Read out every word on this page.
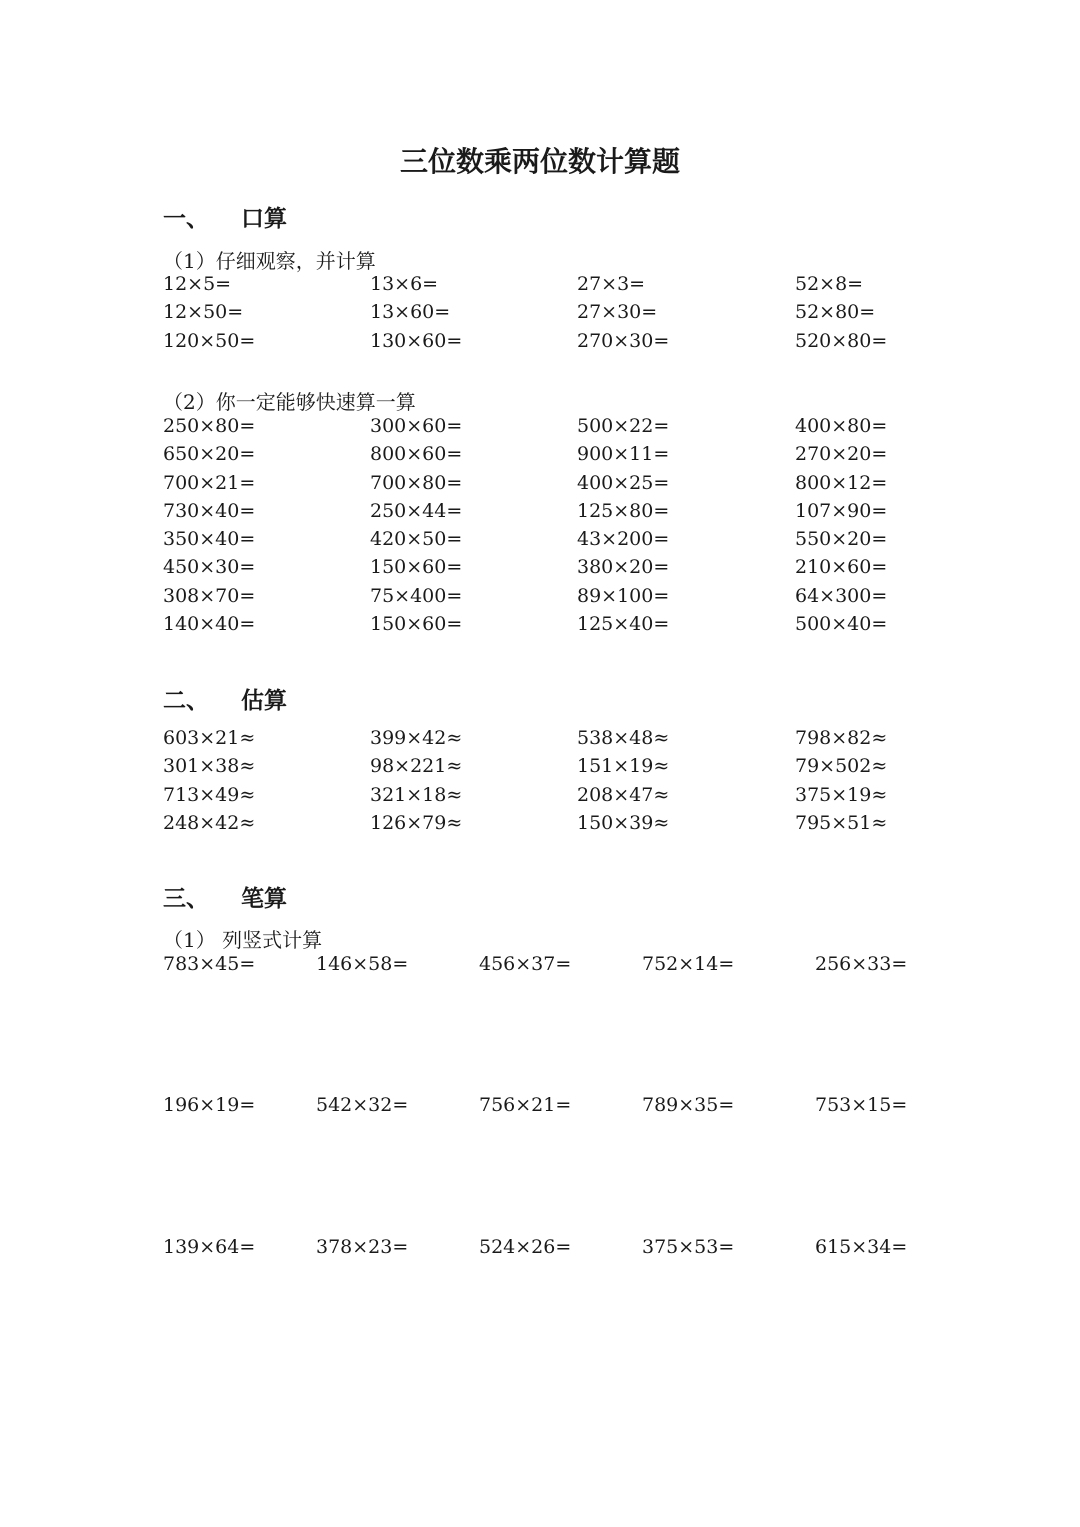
三位数乘两位数计算题
一、 口算
（1）仔细观察，并计算
12×5=	13×6=	27×3=	52×8=
12×50=	13×60=	27×30=	52×80=
120×50=	130×60=	270×30=	520×80=
（2）你一定能够快速算一算
250×80=	300×60=	500×22=	400×80=
650×20=	800×60=	900×11=	270×20=
700×21=	700×80=	400×25=	800×12=
730×40=	250×44=	125×80=	107×90=
350×40=	420×50=	43×200=	550×20=
450×30=	150×60=	380×20=	210×60=
308×70=	75×400=	89×100=	64×300=
140×40=	150×60=	125×40=	500×40=
二、 估算
603×21≈	399×42≈	538×48≈	798×82≈
301×38≈	98×221≈	151×19≈	79×502≈
713×49≈	321×18≈	208×47≈	375×19≈
248×42≈	126×79≈	150×39≈	795×51≈
三、 笔算
（1） 列竖式计算
783×45=	146×58=	456×37=	752×14=	256×33=
196×19=	542×32=	756×21=	789×35=	753×15=
139×64=	378×23=	524×26=	375×53=	615×34=
